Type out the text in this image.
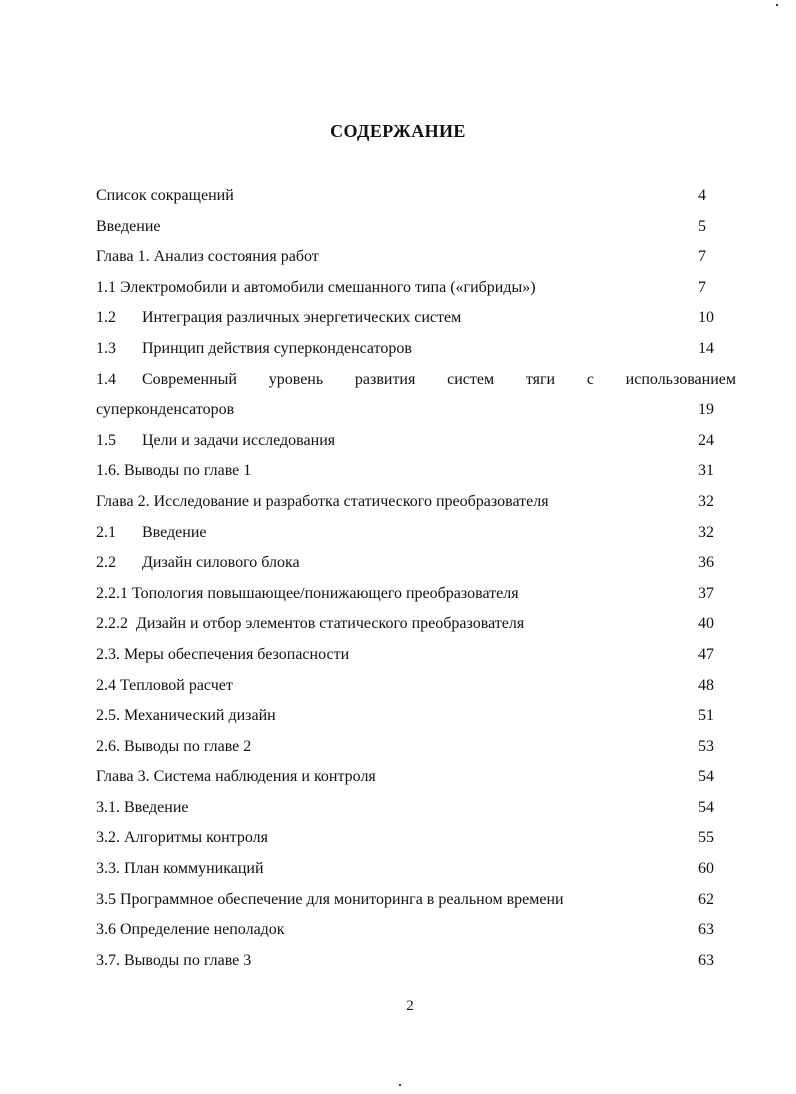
СОДЕРЖАНИЕ
Список сокращений	4
Введение	5
Глава 1. Анализ состояния работ	7
1.1 Электромобили и автомобили смешанного типа («гибриды»)	7
1.2 Интеграция различных энергетических систем	10
1.3 Принцип действия суперконденсаторов	14
1.4 Современный уровень развития систем тяги с использованием
суперконденсаторов	19
1.5 Цели и задачи исследования	24
1.6. Выводы по главе 1	31
Глава 2. Исследование и разработка статического преобразователя	32
2.1 Введение	32
2.2 Дизайн силового блока	36
2.2.1 Топология повышающее/понижающего преобразователя	37
2.2.2  Дизайн и отбор элементов статического преобразователя	40
2.3. Меры обеспечения безопасности	47
2.4 Тепловой расчет	48
2.5. Механический дизайн	51
2.6. Выводы по главе 2	53
Глава 3. Система наблюдения и контроля	54
3.1. Введение	54
3.2. Алгоритмы контроля	55
3.3. План коммуникаций	60
3.5 Программное обеспечение для мониторинга в реальном времени	62
3.6 Определение неполадок	63
3.7. Выводы по главе 3	63
2
